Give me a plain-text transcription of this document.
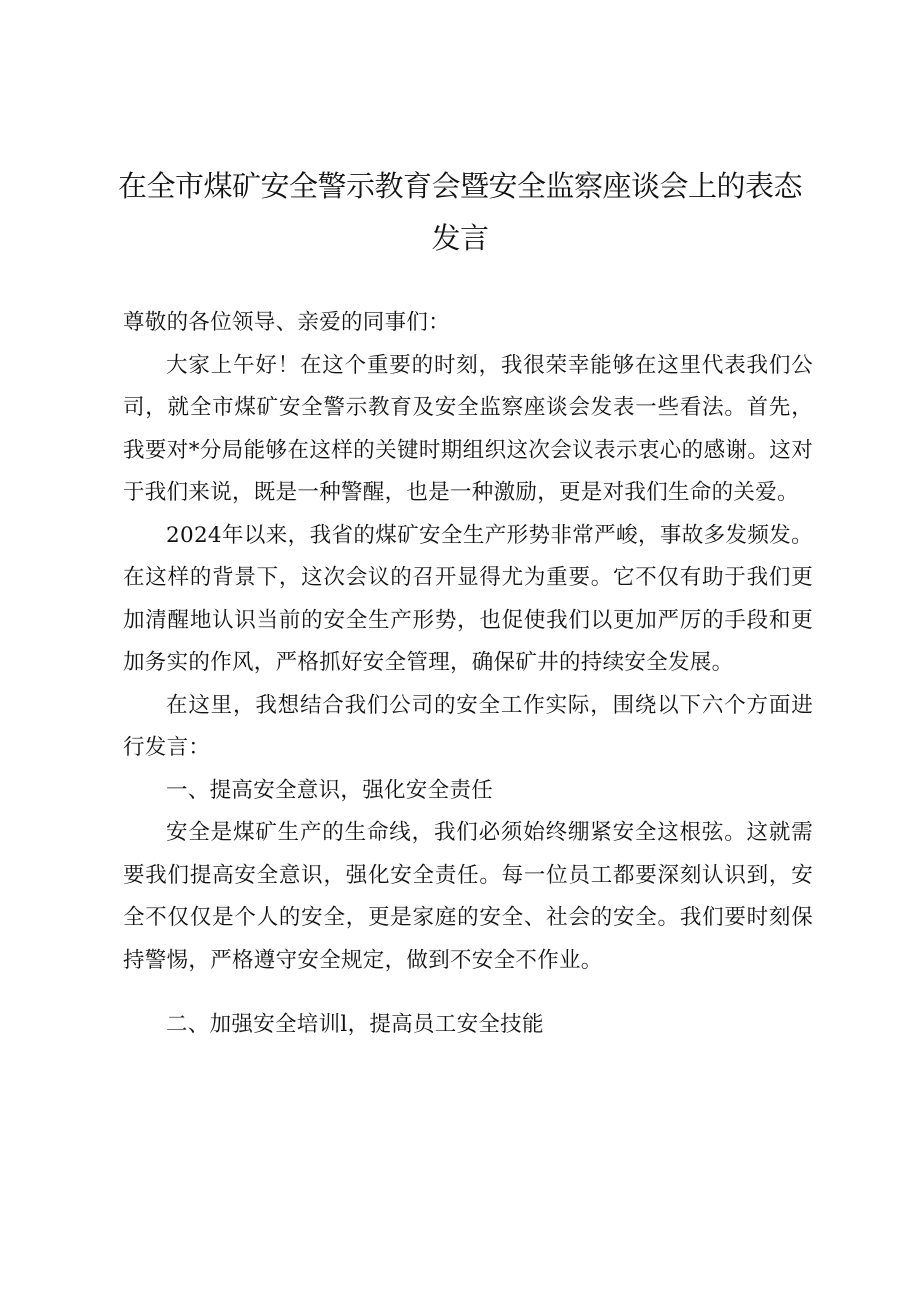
在全市煤矿安全警示教育会暨安全监察座谈会上的表态
发言

尊敬的各位领导、亲爱的同事们：

大家上午好！在这个重要的时刻，我很荣幸能够在这里代表我们公司，就全市煤矿安全警示教育及安全监察座谈会发表一些看法。首先，我要对*分局能够在这样的关键时期组织这次会议表示衷心的感谢。这对于我们来说，既是一种警醒，也是一种激励，更是对我们生命的关爱。

2024年以来，我省的煤矿安全生产形势非常严峻，事故多发频发。在这样的背景下，这次会议的召开显得尤为重要。它不仅有助于我们更加清醒地认识当前的安全生产形势，也促使我们以更加严厉的手段和更加务实的作风，严格抓好安全管理，确保矿井的持续安全发展。

在这里，我想结合我们公司的安全工作实际，围绕以下六个方面进行发言：

一、提高安全意识，强化安全责任

安全是煤矿生产的生命线，我们必须始终绷紧安全这根弦。这就需要我们提高安全意识，强化安全责任。每一位员工都要深刻认识到，安全不仅仅是个人的安全，更是家庭的安全、社会的安全。我们要时刻保持警惕，严格遵守安全规定，做到不安全不作业。

二、加强安全培训l，提高员工安全技能
